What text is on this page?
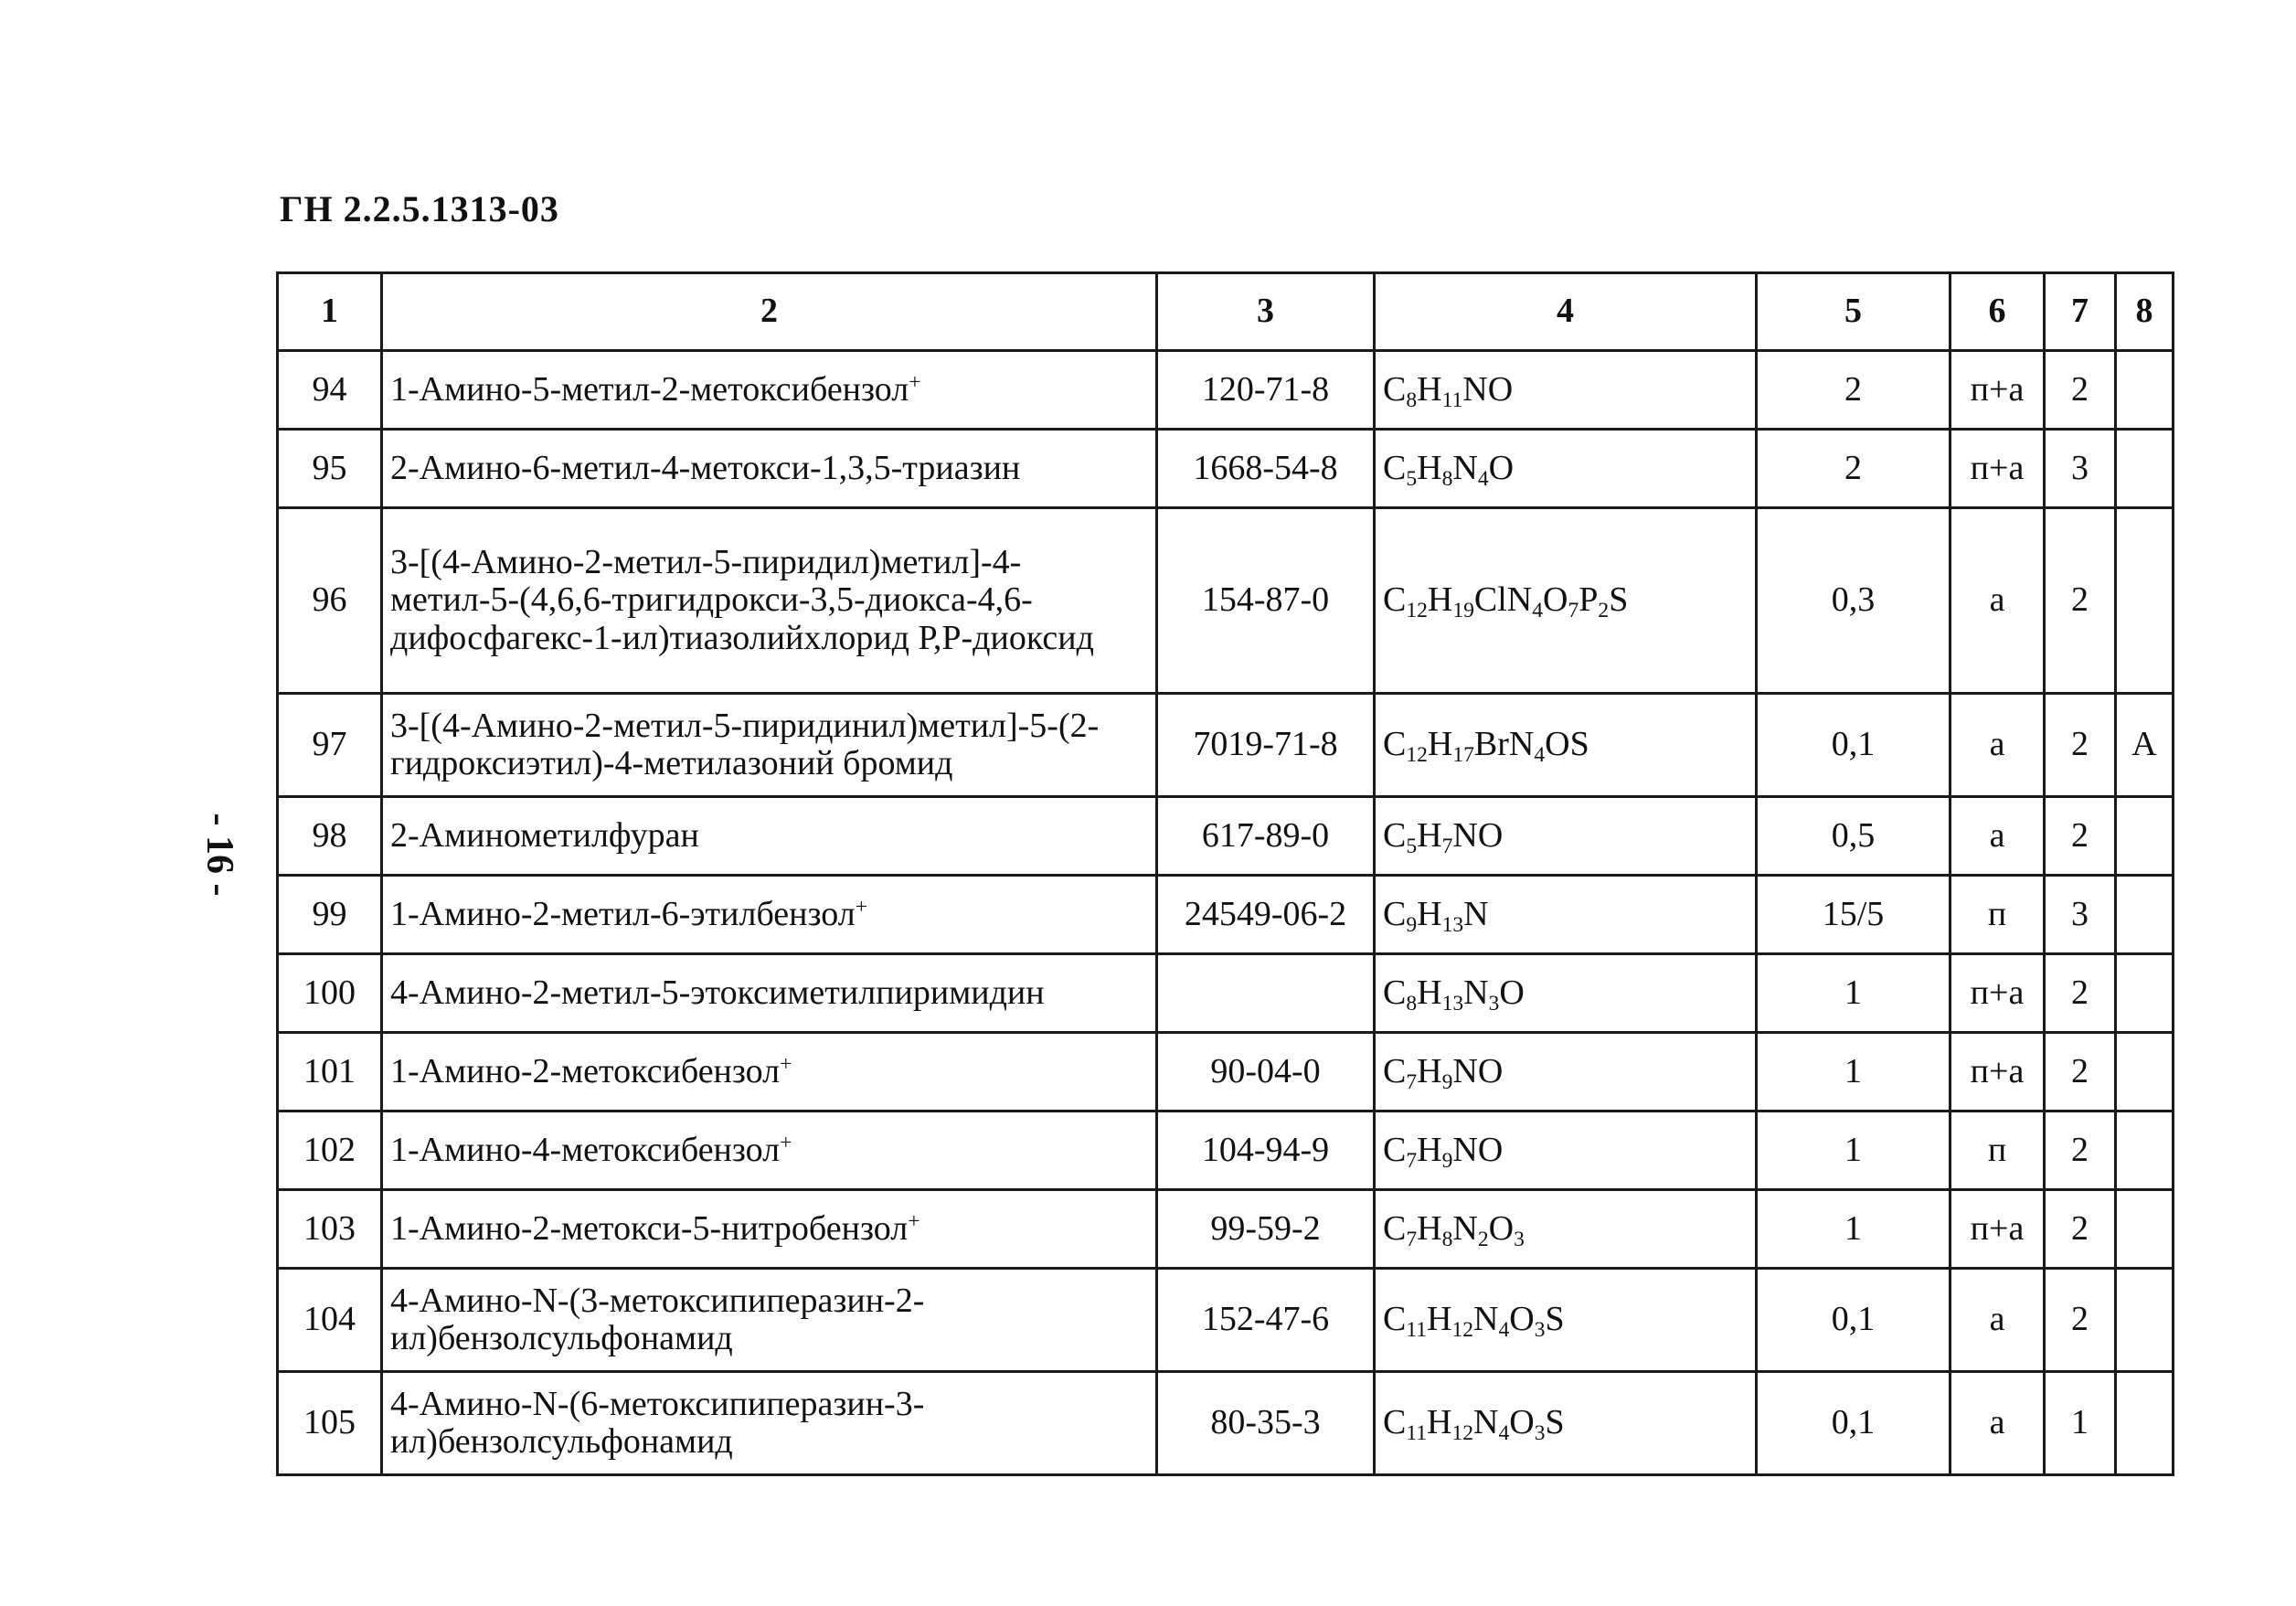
ГН 2.2.5.1313-03
- 16 -
1	2	3	4	5	6	7	8
94	1-Амино-5-метил-2-метоксибензол+	120-71-8	$C_8H_{11}NO$	2	п+а	2	
95	2-Амино-6-метил-4-метокси-1,3,5-триазин	1668-54-8	$C_5H_8N_4O$	2	п+а	3	
96	3-[(4-Амино-2-метил-5-пиридил)метил]-4-метил-5-(4,6,6-тригидрокси-3,5-диокса-4,6-дифосфагекс-1-ил)тиазолийхлорид Р,Р-диоксид	154-87-0	$C_{12}H_{19}ClN_4O_7P_2S$	0,3	а	2	
97	3-[(4-Амино-2-метил-5-пиридинил)метил]-5-(2-гидроксиэтил)-4-метилазоний бромид	7019-71-8	$C_{12}H_{17}BrN_4OS$	0,1	а	2	А
98	2-Аминометилфуран	617-89-0	$C_5H_7NO$	0,5	а	2	
99	1-Амино-2-метил-6-этилбензол+	24549-06-2	$C_9H_{13}N$	15/5	п	3	
100	4-Амино-2-метил-5-этоксиметилпиримидин		$C_8H_{13}N_3O$	1	п+а	2	
101	1-Амино-2-метоксибензол+	90-04-0	$C_7H_9NO$	1	п+а	2	
102	1-Амино-4-метоксибензол+	104-94-9	$C_7H_9NO$	1	п	2	
103	1-Амино-2-метокси-5-нитробензол+	99-59-2	$C_7H_8N_2O_3$	1	п+а	2	
104	4-Амино-N-(3-метоксипиперазин-2-ил)бензолсульфонамид	152-47-6	$C_{11}H_{12}N_4O_3S$	0,1	а	2	
105	4-Амино-N-(6-метоксипиперазин-3-ил)бензолсульфонамид	80-35-3	$C_{11}H_{12}N_4O_3S$	0,1	а	1	
